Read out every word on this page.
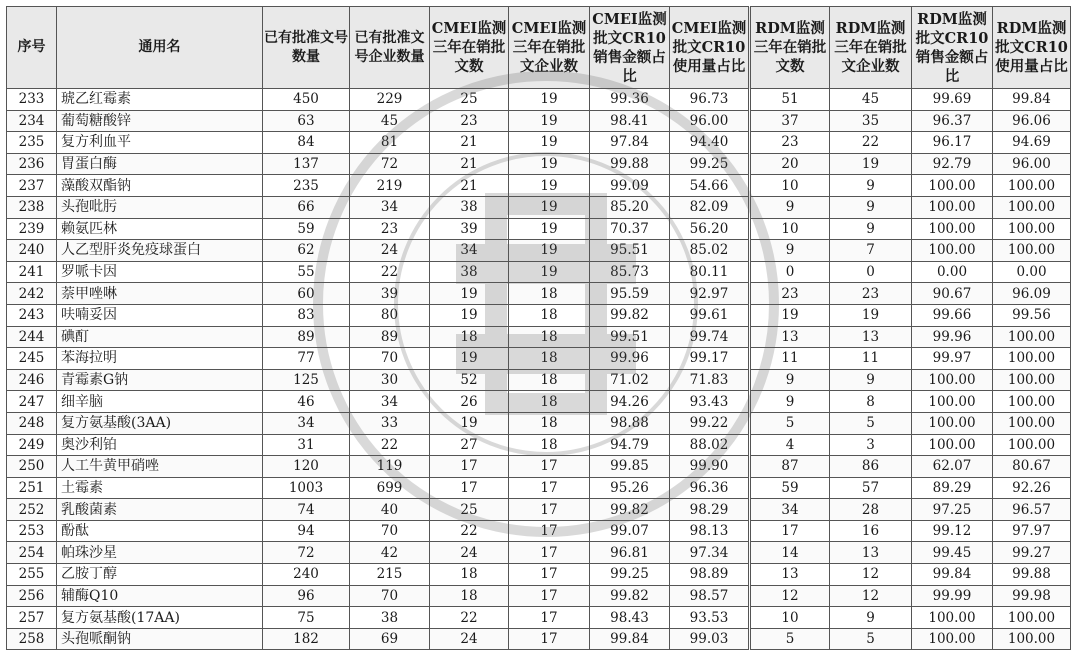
序号	通用名	已有批准文号数量	已有批准文号企业数量	CMEI监测三年在销批文数	CMEI监测三年在销批文企业数	CMEI监测批文CR10销售金额占比	CMEI监测批文CR10使用量占比	RDM监测三年在销批文数	RDM监测三年在销批文企业数	RDM监测批文CR10销售金额占比	RDM监测批文CR10使用量占比
233	琥乙红霉素	450	229	25	19	99.36	96.73	51	45	99.69	99.84
234	葡萄糖酸锌	63	45	23	19	98.41	96.00	37	35	96.37	96.06
235	复方利血平	84	81	21	19	97.84	94.40	23	22	96.17	94.69
236	胃蛋白酶	137	72	21	19	99.88	99.25	20	19	92.79	96.00
237	藻酸双酯钠	235	219	21	19	99.09	54.66	10	9	100.00	100.00
238	头孢吡肟	66	34	38	19	85.20	82.09	9	9	100.00	100.00
239	赖氨匹林	59	23	39	19	70.37	56.20	10	9	100.00	100.00
240	人乙型肝炎免疫球蛋白	62	24	34	19	95.51	85.02	9	7	100.00	100.00
241	罗哌卡因	55	22	38	19	85.73	80.11	0	0	0.00	0.00
242	萘甲唑啉	60	39	19	18	95.59	92.97	23	23	90.67	96.09
243	呋喃妥因	83	80	19	18	99.82	99.61	19	19	99.66	99.56
244	碘酊	89	89	18	18	99.51	99.74	13	13	99.96	100.00
245	苯海拉明	77	70	19	18	99.96	99.17	11	11	99.97	100.00
246	青霉素G钠	125	30	52	18	71.02	71.83	9	9	100.00	100.00
247	细辛脑	46	34	26	18	94.26	93.43	9	8	100.00	100.00
248	复方氨基酸(3AA)	34	33	19	18	98.88	99.22	5	5	100.00	100.00
249	奥沙利铂	31	22	27	18	94.79	88.02	4	3	100.00	100.00
250	人工牛黄甲硝唑	120	119	17	17	99.85	99.90	87	86	62.07	80.67
251	土霉素	1003	699	17	17	95.26	96.36	59	57	89.29	92.26
252	乳酸菌素	74	40	25	17	99.82	98.29	34	28	97.25	96.57
253	酚酞	94	70	22	17	99.07	98.13	17	16	99.12	97.97
254	帕珠沙星	72	42	24	17	96.81	97.34	14	13	99.45	99.27
255	乙胺丁醇	240	215	18	17	99.25	98.89	13	12	99.84	99.88
256	辅酶Q10	96	70	18	17	99.82	98.57	12	12	99.99	99.98
257	复方氨基酸(17AA)	75	38	22	17	98.43	93.53	10	9	100.00	100.00
258	头孢哌酮钠	182	69	24	17	99.84	99.03	5	5	100.00	100.00
